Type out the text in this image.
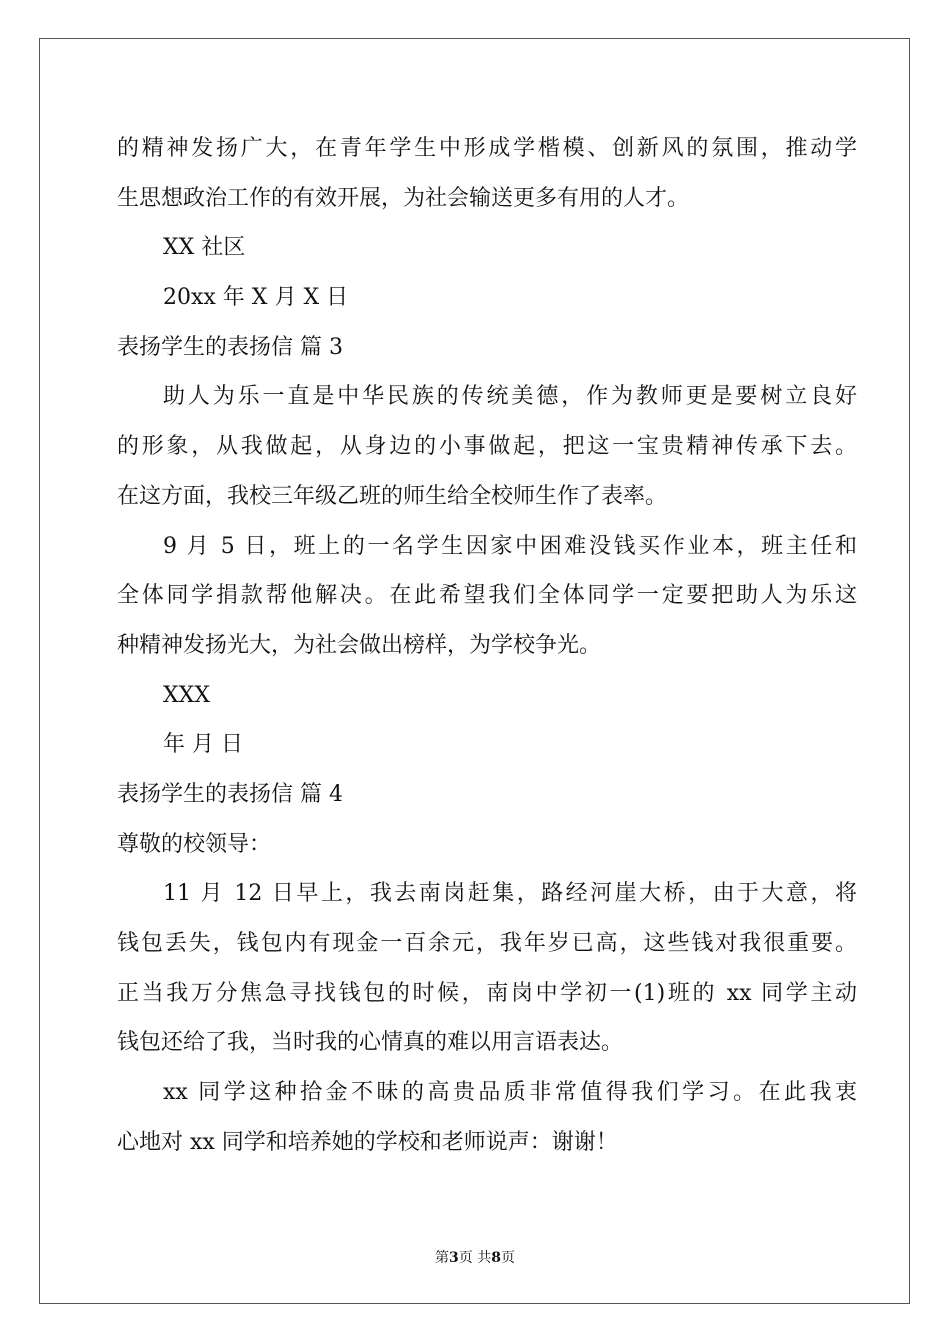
的精神发扬广大，在青年学生中形成学楷模、创新风的氛围，推动学
生思想政治工作的有效开展，为社会输送更多有用的人才。
XX 社区
20xx 年 X 月 X 日
表扬学生的表扬信 篇 3
助人为乐一直是中华民族的传统美德，作为教师更是要树立良好
的形象，从我做起，从身边的小事做起，把这一宝贵精神传承下去。
在这方面，我校三年级乙班的师生给全校师生作了表率。
9 月 5 日，班上的一名学生因家中困难没钱买作业本，班主任和
全体同学捐款帮他解决。在此希望我们全体同学一定要把助人为乐这
种精神发扬光大，为社会做出榜样，为学校争光。
XXX
年 月 日
表扬学生的表扬信 篇 4
尊敬的校领导：
11 月 12 日早上，我去南岗赶集，路经河崖大桥，由于大意，将
钱包丢失，钱包内有现金一百余元，我年岁已高，这些钱对我很重要。
正当我万分焦急寻找钱包的时候，南岗中学初一(1)班的 xx 同学主动
钱包还给了我，当时我的心情真的难以用言语表达。
xx 同学这种拾金不昧的高贵品质非常值得我们学习。在此我衷
心地对 xx 同学和培养她的学校和老师说声：谢谢！
第3页 共8页
